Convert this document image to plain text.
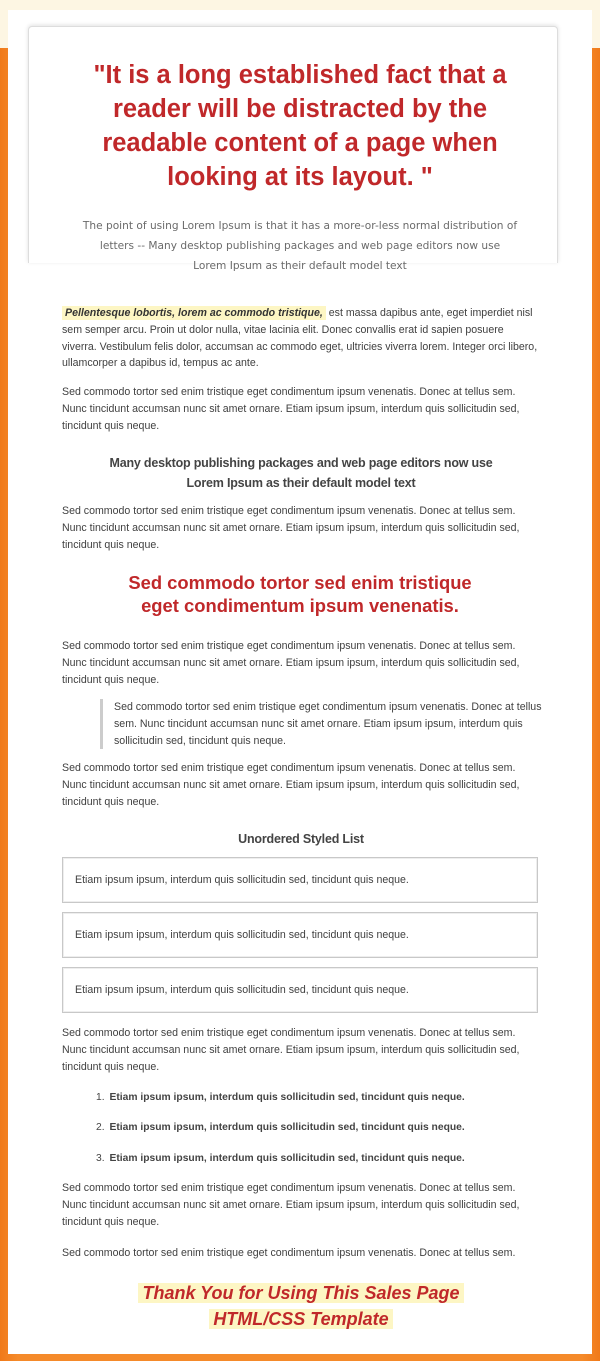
"It is a long established fact that a reader will be distracted by the readable content of a page when looking at its layout. "

The point of using Lorem Ipsum is that it has a more-or-less normal distribution of letters -- Many desktop publishing packages and web page editors now use Lorem Ipsum as their default model text

Pellentesque lobortis, lorem ac commodo tristique, est massa dapibus ante, eget imperdiet nisl sem semper arcu. Proin ut dolor nulla, vitae lacinia elit. Donec convallis erat id sapien posuere viverra. Vestibulum felis dolor, accumsan ac commodo eget, ultricies viverra lorem. Integer orci libero, ullamcorper a dapibus id, tempus ac ante.

Sed commodo tortor sed enim tristique eget condimentum ipsum venenatis. Donec at tellus sem. Nunc tincidunt accumsan nunc sit amet ornare. Etiam ipsum ipsum, interdum quis sollicitudin sed, tincidunt quis neque.

Many desktop publishing packages and web page editors now use Lorem Ipsum as their default model text

Sed commodo tortor sed enim tristique eget condimentum ipsum venenatis. Donec at tellus sem. Nunc tincidunt accumsan nunc sit amet ornare. Etiam ipsum ipsum, interdum quis sollicitudin sed, tincidunt quis neque.

Sed commodo tortor sed enim tristique eget condimentum ipsum venenatis.

Sed commodo tortor sed enim tristique eget condimentum ipsum venenatis. Donec at tellus sem. Nunc tincidunt accumsan nunc sit amet ornare. Etiam ipsum ipsum, interdum quis sollicitudin sed, tincidunt quis neque.

Sed commodo tortor sed enim tristique eget condimentum ipsum venenatis. Donec at tellus sem. Nunc tincidunt accumsan nunc sit amet ornare. Etiam ipsum ipsum, interdum quis sollicitudin sed, tincidunt quis neque.

Sed commodo tortor sed enim tristique eget condimentum ipsum venenatis. Donec at tellus sem. Nunc tincidunt accumsan nunc sit amet ornare. Etiam ipsum ipsum, interdum quis sollicitudin sed, tincidunt quis neque.

Unordered Styled List
Etiam ipsum ipsum, interdum quis sollicitudin sed, tincidunt quis neque.
Etiam ipsum ipsum, interdum quis sollicitudin sed, tincidunt quis neque.
Etiam ipsum ipsum, interdum quis sollicitudin sed, tincidunt quis neque.

Sed commodo tortor sed enim tristique eget condimentum ipsum venenatis. Donec at tellus sem. Nunc tincidunt accumsan nunc sit amet ornare. Etiam ipsum ipsum, interdum quis sollicitudin sed, tincidunt quis neque.

1. Etiam ipsum ipsum, interdum quis sollicitudin sed, tincidunt quis neque.

2. Etiam ipsum ipsum, interdum quis sollicitudin sed, tincidunt quis neque.

3. Etiam ipsum ipsum, interdum quis sollicitudin sed, tincidunt quis neque.

Sed commodo tortor sed enim tristique eget condimentum ipsum venenatis. Donec at tellus sem. Nunc tincidunt accumsan nunc sit amet ornare. Etiam ipsum ipsum, interdum quis sollicitudin sed, tincidunt quis neque.

Sed commodo tortor sed enim tristique eget condimentum ipsum venenatis. Donec at tellus sem.

Thank You for Using This Sales Page
HTML/CSS Template
